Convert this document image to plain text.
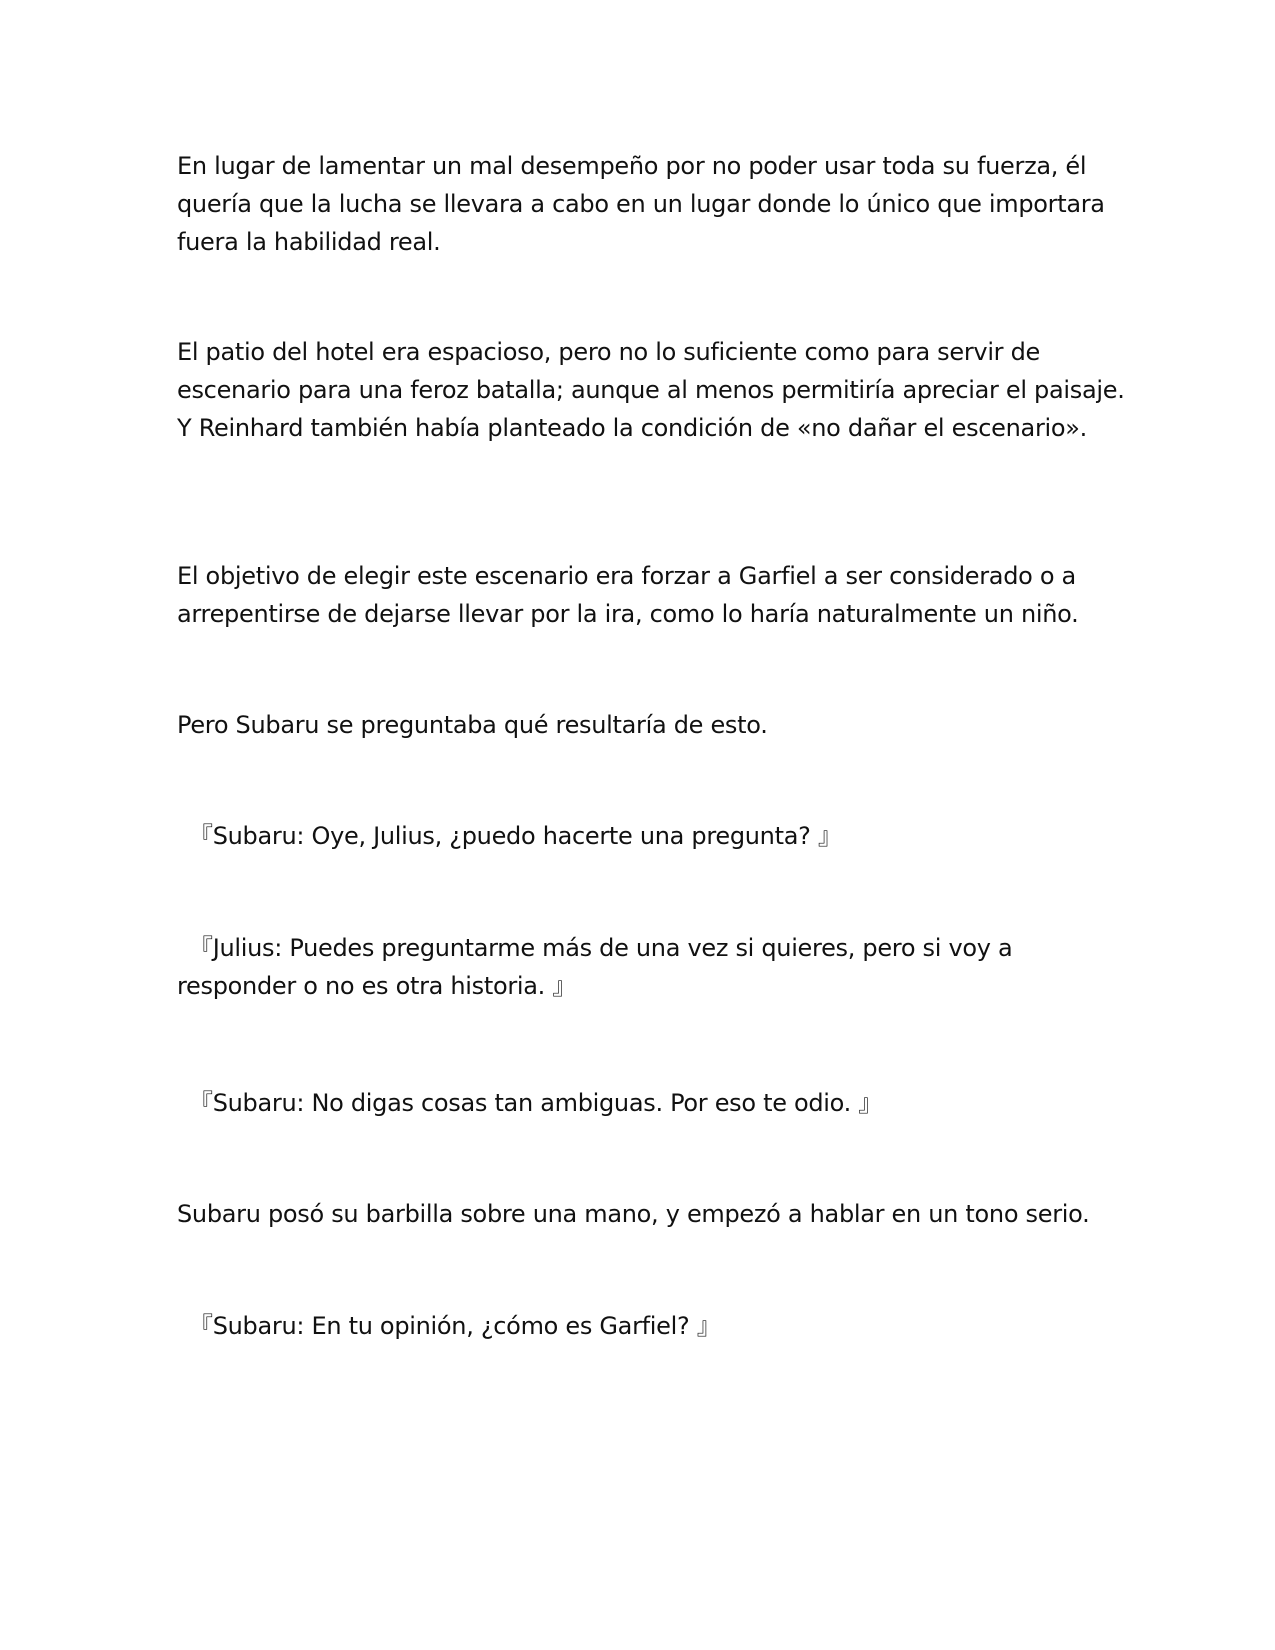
En lugar de lamentar un mal desempeño por no poder usar toda su fuerza, él quería que la lucha se llevara a cabo en un lugar donde lo único que importara fuera la habilidad real.

El patio del hotel era espacioso, pero no lo suficiente como para servir de escenario para una feroz batalla; aunque al menos permitiría apreciar el paisaje. Y Reinhard también había planteado la condición de «no dañar el escenario».

El objetivo de elegir este escenario era forzar a Garfiel a ser considerado o a arrepentirse de dejarse llevar por la ira, como lo haría naturalmente un niño.

Pero Subaru se preguntaba qué resultaría de esto.

『Subaru: Oye, Julius, ¿puedo hacerte una pregunta? 』

『Julius: Puedes preguntarme más de una vez si quieres, pero si voy a responder o no es otra historia. 』

『Subaru: No digas cosas tan ambiguas. Por eso te odio. 』

Subaru posó su barbilla sobre una mano, y empezó a hablar en un tono serio.

『Subaru: En tu opinión, ¿cómo es Garfiel? 』
